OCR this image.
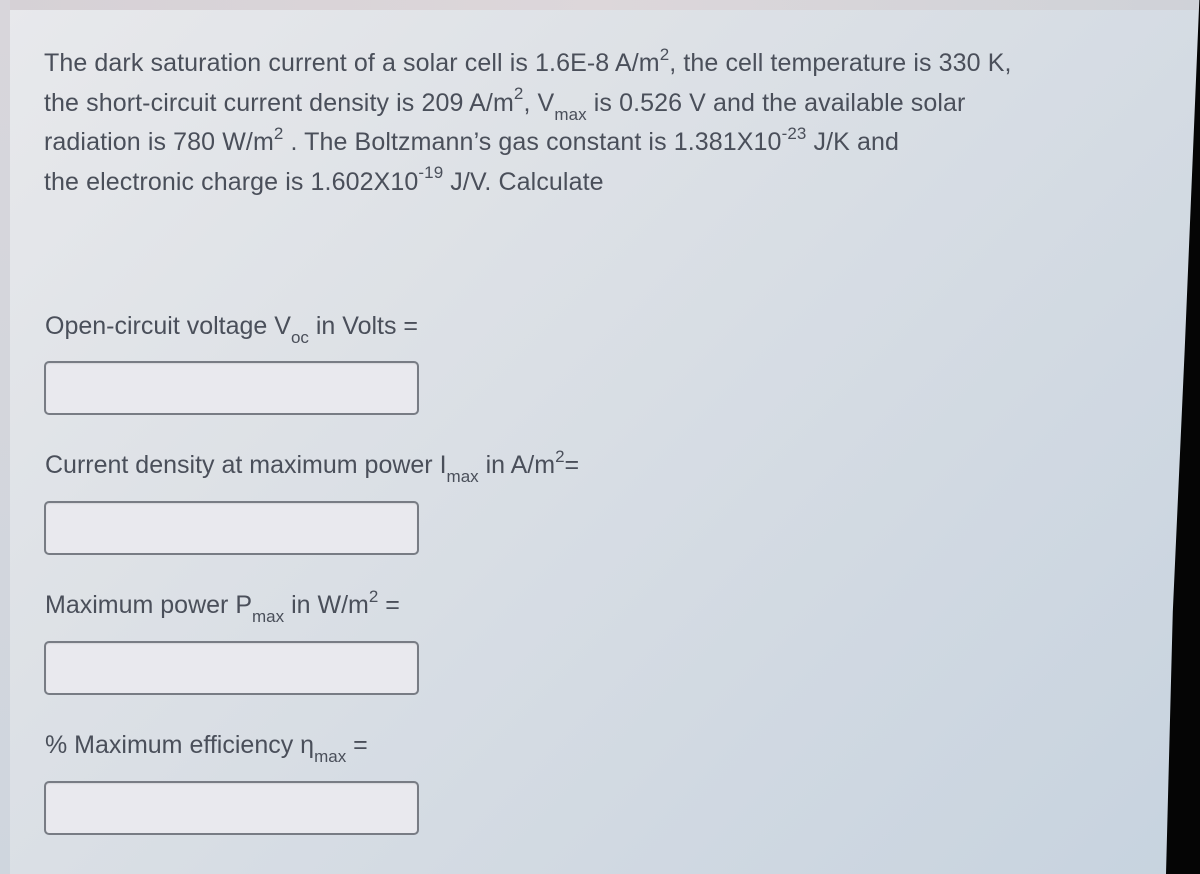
The dark saturation current of a solar cell is 1.6E-8 $A/m^2$, the cell temperature is 330 K,
the short-circuit current density is 209 $A/m^2$, $V_{max}$ is 0.526 V and the available solar
radiation is 780 $W/m^2$ . The Boltzmann’s gas constant is $1.381X10^{-23}$ J/K and
the electronic charge is $1.602X10^{-19}$ J/V. Calculate
Open-circuit voltage $V_{oc}$ in Volts =
Current density at maximum power $I_{max}$ in $A/m^2=$
Maximum power $P_{max}$ in $W/m^2$ =
% Maximum efficiency $\eta_{max}$ =
